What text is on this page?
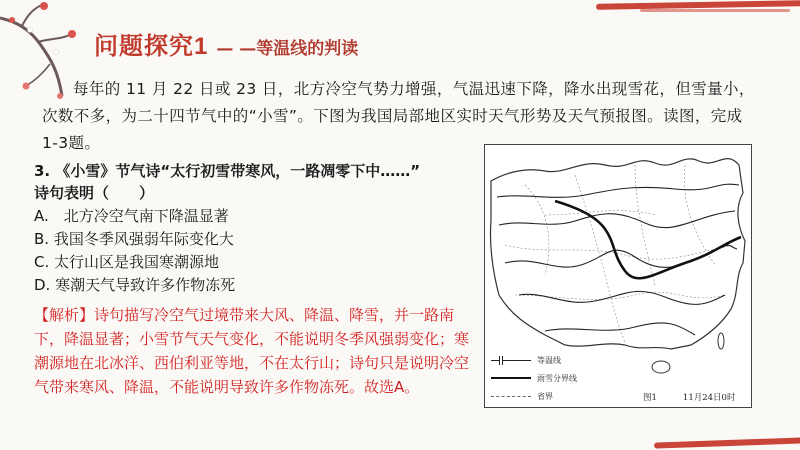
问题探究1 — —等温线的判读

每年的 11 月 22 日或 23 日，北方冷空气势力增强，气温迅速下降，降水出现雪花，但雪量小，次数不多，为二十四节气中的“小雪”。下图为我国局部地区实时天气形势及天气预报图。读图，完成1-3题。

3. 《小雪》节气诗“太行初雪带寒风，一路凋零下中……”
诗句表明（　　）
A.　北方冷空气南下降温显著
B. 我国冬季风强弱年际变化大
C. 太行山区是我国寒潮源地
D. 寒潮天气导致许多作物冻死

【解析】诗句描写冷空气过境带来大风、降温、降雪，并一路南下，降温显著；小雪节气天气变化，不能说明冬季风强弱变化；寒潮源地在北冰洋、西伯利亚等地，不在太行山；诗句只是说明冷空气带来寒风、降温，不能说明导致许多作物冻死。故选A。

等温线
雨雪分界线
省界	图1	11月24日0时
